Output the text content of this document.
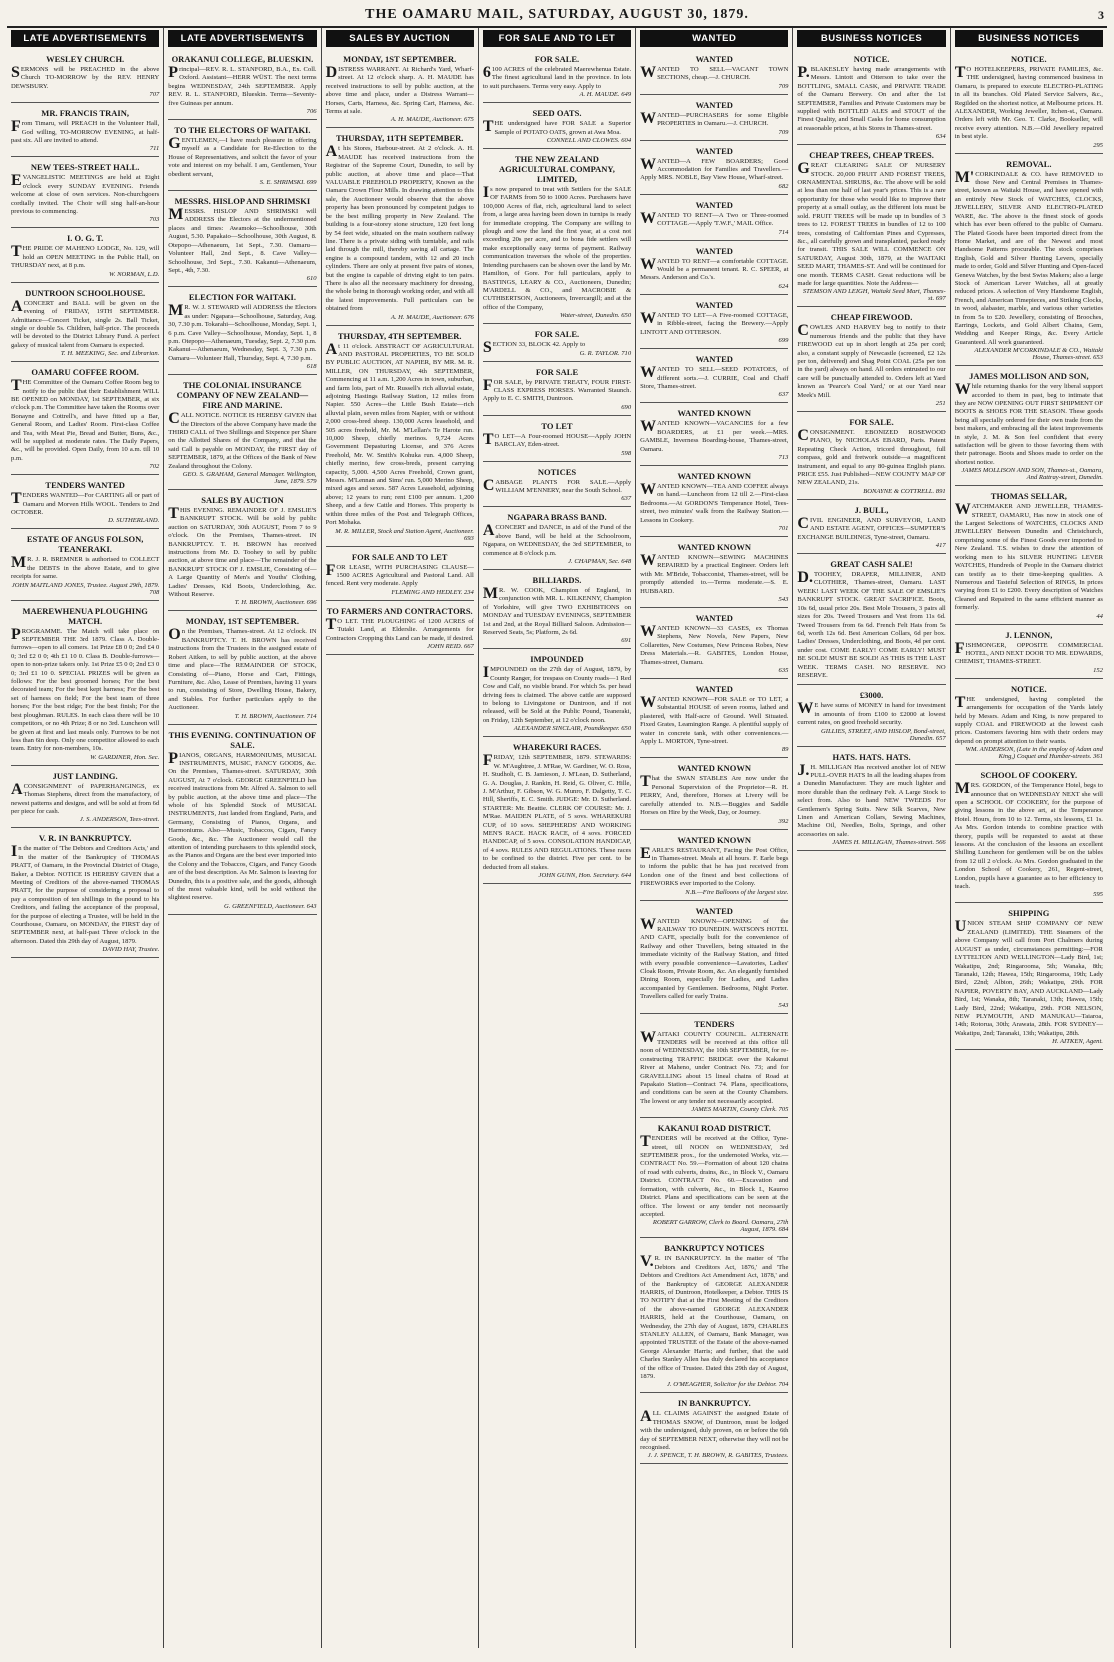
THE OAMARU MAIL, SATURDAY, AUGUST 30, 1879.	3
LATE ADVERTISEMENTS
WESLEY CHURCH.
SERMONS will be PREACHED in the above Church TO-MORROW by the REV. HENRY DEWSBURY.
707
MR. FRANCIS TRAIN,
From Timaru, will PREACH in the Volunteer Hall, God willing, TO-MORROW EVENING, at half-past six. All are invited to attend.
711
NEW TEES-STREET HALL.
EVANGELISTIC MEETINGS are held at Eight o'clock every SUNDAY EVENING. Friends welcome at close of own services. Non-churchgoers cordially invited. The Choir will sing half-an-hour previous to commencing.
703
I. O. G. T.
THE PRIDE OF MAHENO LODGE, No. 129, will hold an OPEN MEETING in the Public Hall, on THURSDAY next, at 8 p.m.
W. NORMAN, L.D.
DUNTROON SCHOOLHOUSE.
ACONCERT and BALL will be given on the evening of FRIDAY, 19TH SEPTEMBER. Admittance—Concert Ticket, single 2s. Ball Ticket, single or double 5s. Children, half-price. The proceeds will be devoted to the District Library Fund. A perfect galaxy of musical talent from Oamaru is expected.
T. H. MEEKING, Sec. and Librarian.
OAMARU COFFEE ROOM.
THE Committee of the Oamaru Coffee Room beg to notify to the public that their Establishment WILL BE OPENED on MONDAY, 1st SEPTEMBER, at six o'clock p.m. The Committee have taken the Rooms over Bonayne and Cottrell's, and have fitted up a Bar, General Room, and Ladies' Room. First-class Coffee and Tea, with Meat Pie, Bread and Butter, Buns, &c., will be supplied at moderate rates. The Daily Papers, &c., will be provided. Open Daily, from 10 a.m. till 10 p.m.
702
TENDERS WANTED
TENDERS WANTED—For CARTING all or part of Oamaru and Morven Hills WOOL. Tenders to 2nd OCTOBER.
D. SUTHERLAND.
ESTATE OF ANGUS FOLSON, TEANERAKI.
MR. J. R. BREMNER is authorised to COLLECT the DEBTS in the above Estate, and to give receipts for same.
JOHN MAITLAND JONES, Trustee. August 29th, 1879. 708
MAEREWHENUA PLOUGHING MATCH.
PROGRAMME. The Match will take place on SEPTEMBER THE 3rd 1879. Class A. Double-furrows—open to all comers. 1st Prize £8 0 0; 2nd £4 0 0; 3rd £2 0 0; 4th £1 10 0. Class B. Double-furrows—open to non-prize takers only. 1st Prize £5 0 0; 2nd £3 0 0; 3rd £1 10 0. SPECIAL PRIZES will be given as follows: For the best groomed horses; For the best decorated team; For the best kept harness; For the best set of harness on field; For the best team of three horses; For the best ridge; For the best finish; For the best ploughman. RULES. In each class there will be 10 competitors, or no 4th Prize; 8 or no 3rd. Luncheon will be given at first and last meals only. Furrows to be not less than 6in deep. Only one competitor allowed to each team. Entry for non-members, 10s.
W. GARDINER, Hon. Sec.
JUST LANDING.
ACONSIGNMENT of PAPERHANGINGS, ex Thomas Stephens, direct from the manufactory, of newest patterns and designs, and will be sold at from 6d per piece for cash.
J. S. ANDERSON, Tees-street.
V. R. IN BANKRUPTCY.
In the matter of 'The Debtors and Creditors Acts,' and in the matter of the Bankruptcy of THOMAS PRATT, of Oamaru, in the Provincial District of Otago, Baker, a Debtor. NOTICE IS HEREBY GIVEN that a Meeting of Creditors of the above-named THOMAS PRATT, for the purpose of considering a proposal to pay a composition of ten shillings in the pound to his Creditors, and failing the acceptance of the proposal, for the purpose of electing a Trustee, will be held in the Courthouse, Oamaru, on MONDAY, the FIRST day of SEPTEMBER next, at half-past Three o'clock in the afternoon. Dated this 29th day of August, 1879.
DAVID HAY, Trustee.
LATE ADVERTISEMENTS
ORAKANUI COLLEGE, BLUESKIN.
Principal—REV. R. L. STANFORD, B.A., Ex. Coll. Oxford. Assistant—HERR WÜST. The next terms begins WEDNESDAY, 24th SEPTEMBER. Apply REV. R. L. STANFORD, Blueskin. Terms—Seventy-five Guineas per annum.
706
TO THE ELECTORS OF WAITAKI.
GENTLEMEN,—I have much pleasure in offering myself as a Candidate for Re-Election to the House of Representatives, and solicit the favor of your vote and interest on my behalf. I am, Gentlemen, Your obedient servant,
S. E. SHRIMSKI. 699
MESSRS. HISLOP AND SHRIMSKI
MESSRS. HISLOP AND SHRIMSKI will ADDRESS the Electors at the undermentioned places and times: Awamoko—Schoolhouse, 30th August, 5.30. Papakaio—Schoolhouse, 30th August, 8. Otepopo—Athenaeum, 1st Sept., 7.30. Oamaru—Volunteer Hall, 2nd Sept., 8. Cave Valley—Schoolhouse, 3rd Sept., 7.30. Kakanui—Athenaeum, Sept., 4th, 7.30.
610
ELECTION FOR WAITAKI.
MR. W. J. STEWARD will ADDRESS the Electors as under: Ngapara—Schoolhouse, Saturday, Aug. 30, 7.30 p.m. Tokarahi—Schoolhouse, Monday, Sept. 1, 6 p.m. Cave Valley—Schoolhouse, Monday, Sept. 1, 8 p.m. Otepopo—Athenaeum, Tuesday, Sept. 2, 7.30 p.m. Kakanui—Athenaeum, Wednesday, Sept. 3, 7.30 p.m. Oamaru—Volunteer Hall, Thursday, Sept. 4, 7.30 p.m.
618
THE COLONIAL INSURANCE COMPANY OF NEW ZEALAND—FIRE AND MARINE.
CALL NOTICE. NOTICE IS HEREBY GIVEN that the Directors of the above Company have made the THIRD CALL of Two Shillings and Sixpence per Share on the Allotted Shares of the Company, and that the said Call is payable on MONDAY, the FIRST day of SEPTEMBER, 1879, at the Offices of the Bank of New Zealand throughout the Colony.
GEO. S. GRAHAM, General Manager. Wellington, June, 1879. 579
SALES BY AUCTION
THIS EVENING. REMAINDER OF J. EMSLIE'S BANKRUPT STOCK. Will be sold by public auction on SATURDAY, 30th AUGUST, From 7 to 9 o'clock. On the Premises, Thames-street. IN BANKRUPTCY. T. H. BROWN has received instructions from Mr. D. Toohey to sell by public auction, at above time and place—The remainder of the BANKRUPT STOCK OF J. EMSLIE, Consisting of—A Large Quantity of Men's and Youths' Clothing, Ladies' Dresses, Kid Boots, Underclothing, &c. Without Reserve.
T. H. BROWN, Auctioneer. 696
MONDAY, 1ST SEPTEMBER.
On the Premises, Thames-street. At 12 o'clock. IN BANKRUPTCY. T. H. BROWN has received instructions from the Trustees in the assigned estate of Robert Aitken, to sell by public auction, at the above time and place—The REMAINDER OF STOCK, Consisting of—Piano, Horse and Cart, Fittings, Furniture, &c. Also, Lease of Premises, having 11 years to run, consisting of Store, Dwelling House, Bakery, and Stables. For further particulars apply to the Auctioneer.
T. H. BROWN, Auctioneer. 714
THIS EVENING. CONTINUATION OF SALE.
PIANOS, ORGANS, HARMONIUMS, MUSICAL INSTRUMENTS, MUSIC, FANCY GOODS, &c. On the Premises, Thames-street. SATURDAY, 30th AUGUST, At 7 o'clock. GEORGE GREENFIELD has received instructions from Mr. Alfred A. Salmon to sell by public auction, at the above time and place—The whole of his Splendid Stock of MUSICAL INSTRUMENTS, Just landed from England, Paris, and Germany, Consisting of Pianos, Organs, and Harmoniums. Also—Music, Tobaccos, Cigars, Fancy Goods, &c., &c. The Auctioneer would call the attention of intending purchasers to this splendid stock, as the Pianos and Organs are the best ever imported into the Colony and the Tobaccos, Cigars, and Fancy Goods are of the best description. As Mr. Salmon is leaving for Dunedin, this is a positive sale, and the goods, although of the most valuable kind, will be sold without the slightest reserve.
G. GREENFIELD, Auctioneer. 643
SALES BY AUCTION
MONDAY, 1ST SEPTEMBER.
DISTRESS WARRANT. At Richard's Yard, Wharf-street. At 12 o'clock sharp. A. H. MAUDE has received instructions to sell by public auction, at the above time and place, under a Distress Warrant—Horses, Carts, Harness, &c. Spring Cart, Harness, &c. Terms at sale.
A. H. MAUDE, Auctioneer. 675
THURSDAY, 11TH SEPTEMBER.
At his Stores, Harbour-street. At 2 o'clock. A. H. MAUDE has received instructions from the Registrar of the Supreme Court, Dunedin, to sell by public auction, at above time and place—That VALUABLE FREEHOLD PROPERTY, Known as the Oamaru Crown Flour Mills. In drawing attention to this sale, the Auctioneer would observe that the above property has been pronounced by competent judges to be the best milling property in New Zealand. The building is a four-storey stone structure, 120 feet long by 54 feet wide, situated on the main southern railway line. There is a private siding with turntable, and rails laid through the mill, thereby saving all cartage. The engine is a compound tandem, with 12 and 20 inch cylinders. There are only at present five pairs of stones, but the engine is capable of driving eight to ten pairs. There is also all the necessary machinery for dressing, the whole being in thorough working order, and with all the latest improvements. Full particulars can be obtained from
A. H. MAUDE, Auctioneer. 676
THURSDAY, 4TH SEPTEMBER.
At 11 o'clock. ABSTRACT OF AGRICULTURAL AND PASTORAL PROPERTIES, TO BE SOLD BY PUBLIC AUCTION, AT NAPIER, BY MR. M. R. MILLER, ON THURSDAY, 4th SEPTEMBER, Commencing at 11 a.m. 1,200 Acres in town, suburban, and farm lots, part of Mr. Russell's rich alluvial estate, adjoining Hastings Railway Station, 12 miles from Napier. 550 Acres—the Little Bush Estate—rich alluvial plain, seven miles from Napier, with or without 2,000 cross-bred sheep. 130,000 Acres leasehold, and 505 acres freehold, Mr. M. M'Lellan's Te Harote run. 10,000 Sheep, chiefly merinos. 9,724 Acres Government Depasturing License, and 376 Acres Freehold, Mr. W. Smith's Kohuka run. 4,000 Sheep, chiefly merino, few cross-breds, present carrying capacity, 5,000. 4,500 Acres Freehold, Crown grant, Messrs. M'Lennan and Sims' run. 5,000 Merino Sheep, mixed ages and sexes. 587 Acres Leasehold, adjoining above; 12 years to run; rent £100 per annum. 1,200 Sheep, and a few Cattle and Horses. This property is within three miles of the Post and Telegraph Offices, Port Mohaka.
M. R. MILLER, Stock and Station Agent, Auctioneer. 693
FOR SALE AND TO LET
FOR LEASE, WITH PURCHASING CLAUSE—1500 ACRES Agricultural and Pastoral Land. All fenced. Rent very moderate. Apply
FLEMING AND HEDLEY. 234
TO FARMERS AND CONTRACTORS.
TO LET. THE PLOUGHING of 1200 ACRES of Tutaki Land, at Elderslie. Arrangements for Contractors Cropping this Land can be made, if desired.
JOHN REID. 667
FOR SALE AND TO LET
FOR SALE.
6100 ACRES of the celebrated Maerewhenua Estate. The finest agricultural land in the province. In lots to suit purchasers. Terms very easy. Apply to
A. H. MAUDE. 649
SEED OATS.
THE undersigned have FOR SALE a Superior Sample of POTATO OATS, grown at Awa Moa.
CONNELL AND CLOWES. 604
THE NEW ZEALAND AGRICULTURAL COMPANY, LIMITED,
Is now prepared to treat with Settlers for the SALE OF FARMS from 50 to 1000 Acres. Purchasers have 100,000 Acres of flat, rich, agricultural land to select from, a large area having been down in turnips is ready for immediate cropping. The Company are willing to plough and sow the land the first year, at a cost not exceeding 20s per acre, and to bona fide settlers will make exceptionally easy terms of payment. Railway communication traverses the whole of the properties. Intending purchasers can be shown over the land by Mr. Hamilton, of Gore. For full particulars, apply to BASTINGS, LEARY & CO., Auctioneers, Dunedin; M'ARDELL & CO., and MACROBIE & CUTHBERTSON, Auctioneers, Invercargill; and at the office of the Company,
Water-street, Dunedin. 650
FOR SALE.
SECTION 33, BLOCK 42. Apply to
G. R. TAYLOR. 710
FOR SALE
FOR SALE, by PRIVATE TREATY, FOUR FIRST-CLASS EXPRESS HORSES. Warranted Staunch. Apply to E. C. SMITH, Duntroon.
690
TO LET
TO LET—A Four-roomed HOUSE—Apply JOHN BARCLAY, Eden-street.
598
NOTICES
CABBAGE PLANTS FOR SALE.—Apply WILLIAM M'ENNERY, near the South School.
637
NGAPARA BRASS BAND.
ACONCERT and DANCE, in aid of the Fund of the above Band, will be held at the Schoolroom, Ngapara, on WEDNESDAY, the 3rd SEPTEMBER, to commence at 8 o'clock p.m.
J. CHAPMAN, Sec. 648
BILLIARDS.
MR. W. COOK, Champion of England, in conjunction with MR. L. KILKENNY, Champion of Yorkshire, will give TWO EXHIBITIONS on MONDAY and TUESDAY EVENINGS, SEPTEMBER 1st and 2nd, at the Royal Billiard Saloon. Admission—Reserved Seats, 5s; Platform, 2s 6d.
691
IMPOUNDED
IMPOUNDED on the 27th day of August, 1879, by County Ranger, for trespass on County roads—1 Red Cow and Calf, no visible brand. For which 5s. per head driving fees is claimed. The above cattle are supposed to belong to Livingstone or Duntroon, and if not released, will be Sold at the Public Pound, Teaneraki, on Friday, 12th September, at 12 o'clock noon.
ALEXANDER SINCLAIR, Poundkeeper. 650
WHAREKURI RACES.
FRIDAY, 12th SEPTEMBER, 1879. STEWARDS: W. M'Aughtree, J. M'Rae, W. Gardiner, W. O. Ross, H. Studholt, C. B. Jamieson, J. M'Lean, D. Sutherland, G. A. Douglas, J. Rankin, H. Reid, G. Oliver, C. Hille, J. M'Arthur, F. Gibson, W. G. Munro, F. Dalgetty, T. C. Hill, Sheriffs, E. C. Smith. JUDGE: Mr. D. Sutherland. STARTER: Mr. Beattie. CLERK OF COURSE: Mr. J. M'Rae. MAIDEN PLATE, of 5 sovs. WHAREKURI CUP, of 10 sovs. SHEPHERDS' AND WORKING MEN'S RACE. HACK RACE, of 4 sovs. FORCED HANDICAP, of 5 sovs. CONSOLATION HANDICAP, of 4 sovs. RULES AND REGULATIONS. These races to be confined to the district. Five per cent. to be deducted from all stakes.
JOHN GUNN, Hon. Secretary. 644
WANTED
WANTED
WANTED TO SELL—VACANT TOWN SECTIONS, cheap.—J. CHURCH.
709
WANTED
WANTED—PURCHASERS for some Eligible PROPERTIES in Oamaru.—J. CHURCH.
709
WANTED
WANTED—A FEW BOARDERS; Good Accommodation for Families and Travellers.—Apply MRS. NOBLE, Bay View House, Wharf-street.
682
WANTED
WANTED TO RENT—A Two or Three-roomed COTTAGE.—Apply 'T.W.F.,' MAIL Office.
714
WANTED
WANTED TO RENT—a comfortable COTTAGE. Would be a permanent tenant. R. C. SPEER, at Messrs. Anderson and Co.'s.
624
WANTED
WANTED TO LET—A Five-roomed COTTAGE, in Ribble-street, facing the Brewery.—Apply LINTOTT AND OTTERSON.
699
WANTED
WANTED TO SELL—SEED POTATOES, of different sorts.—J. CURRIE, Coal and Chaff Store, Thames-street.
637
WANTED KNOWN
WANTED KNOWN—VACANCIES for a few BOARDERS, at £1 per week.—MRS. GAMBLE, Inverness Boarding-house, Thames-street, Oamaru.
713
WANTED KNOWN
WANTED KNOWN—TEA AND COFFEE always on hand.—Luncheon from 12 till 2.—First-class Bedrooms.—At GORDON'S Temperance Hotel, Tees-street, two minutes' walk from the Railway Station.—Lessons in Cookery.
701
WANTED KNOWN
WANTED KNOWN—SEWING MACHINES REPAIRED by a practical Engineer. Orders left with Mr. M'Bride, Tobacconist, Thames-street, will be promptly attended to.—Terms moderate.—S. E. HUBBARD.
543
WANTED
WANTED KNOWN—33 CASES, ex Thomas Stephens, New Novels, New Papers, New Collarettes, New Costumes, New Princess Robes, New Dress Materials.—R. GABITES, London House, Thames-street, Oamaru.
635
WANTED
WANTED KNOWN—FOR SALE or TO LET, a Substantial HOUSE of seven rooms, lathed and plastered, with Half-acre of Ground. Well Situated. Fixed Grates, Leamington Range. A plentiful supply of water in concrete tank, with other conveniences.—Apply L. MORTON, Tyne-street.
89
WANTED KNOWN
That the SWAN STABLES Are now under the Personal Supervision of the Proprietor—R. H. PERRY, And, therefore, Horses at Livery will be carefully attended to. N.B.—Buggies and Saddle Horses on Hire by the Week, Day, or Journey.
392
WANTED KNOWN
EARLE'S RESTAURANT, Facing the Post Office, in Thames-street. Meals at all hours. F. Earle begs to inform the public that he has just received from London one of the finest and best collections of FIREWORKS ever imported to the Colony.
N.B.—Fire Balloons of the largest size.
WANTED
WANTED KNOWN—OPENING of the RAILWAY TO DUNEDIN. WATSON'S HOTEL AND CAFE, specially built for the convenience of Railway and other Travellers, being situated in the immediate vicinity of the Railway Station, and fitted with every possible convenience—Lavatories, Ladies' Cloak Room, Private Room, &c. An elegantly furnished Dining Room, especially for Ladies, and Ladies accompanied by Gentlemen. Bedrooms, Night Porter. Travellers called for early Trains.
543
TENDERS
WAITAKI COUNTY COUNCIL. ALTERNATE TENDERS will be received at this office till noon of WEDNESDAY, the 10th SEPTEMBER, for re-constructing TRAFFIC BRIDGE over the Kakanui River at Maheno, under Contract No. 73; and for GRAVELLING about 15 lineal chains of Road at Papakaio Station—Contract 74. Plans, specifications, and conditions can be seen at the County Chambers. The lowest or any tender not necessarily accepted.
JAMES MARTIN, County Clerk. 705
KAKANUI ROAD DISTRICT.
TENDERS will be received at the Office, Tyne-street, till NOON on WEDNESDAY, 3rd SEPTEMBER prox., for the undernoted Works, viz.—CONTRACT No. 59.—Formation of about 120 chains of road with culverts, drains, &c., in Block V., Oamaru District. CONTRACT No. 60.—Excavation and formation, with culverts, &c., in Block I., Kauroo District. Plans and specifications can be seen at the office. The lowest or any tender not necessarily accepted.
ROBERT GARROW, Clerk to Board. Oamaru, 27th August, 1879. 684
BANKRUPTCY NOTICES
V.R. IN BANKRUPTCY. In the matter of 'The Debtors and Creditors Act, 1876,' and 'The Debtors and Creditors Act Amendment Act, 1878,' and of the Bankruptcy of GEORGE ALEXANDER HARRIS, of Duntroon, Hotelkeeper, a Debtor. THIS IS TO NOTIFY that at the First Meeting of the Creditors of the above-named GEORGE ALEXANDER HARRIS, held at the Courthouse, Oamaru, on Wednesday, the 27th day of August, 1879, CHARLES STANLEY ALLEN, of Oamaru, Bank Manager, was appointed TRUSTEE of the Estate of the above-named George Alexander Harris; and further, that the said Charles Stanley Allen has duly declared his acceptance of the office of Trustee. Dated this 29th day of August, 1879.
J. O'MEAGHER, Solicitor for the Debtor. 704
IN BANKRUPTCY.
ALL CLAIMS AGAINST the assigned Estate of THOMAS SNOW, of Duntroon, must be lodged with the undersigned, duly proven, on or before the 6th day of SEPTEMBER NEXT, otherwise they will not be recognised.
J. J. SPENCE, T. H. BROWN, R. GABITES, Trustees.
BUSINESS NOTICES
NOTICE.
P.BLAKESLEY having made arrangements with Messrs. Lintott and Otterson to take over the BOTTLING, SMALL CASK, and PRIVATE TRADE of the Oamaru Brewery. On and after the 1st SEPTEMBER, Families and Private Customers may be supplied with BOTTLED ALES and STOUT of the Finest Quality, and Small Casks for home consumption at reasonable prices, at his Stores in Thames-street.
634
CHEAP TREES, CHEAP TREES.
GREAT CLEARING SALE OF NURSERY STOCK. 20,000 FRUIT AND FOREST TREES, ORNAMENTAL SHRUBS, &c. The above will be sold at less than one half of last year's prices. This is a rare opportunity for those who would like to improve their property at a small outlay, as the different lots must be sold. FRUIT TREES will be made up in bundles of 3 trees to 12. FOREST TREES in bundles of 12 to 100 trees, consisting of Californian Pines and Cypresses, &c., all carefully grown and transplanted, packed ready for transit. THIS SALE WILL COMMENCE ON SATURDAY, August 30th, 1879, at the WAITAKI SEED MART, THAMES-ST. And will be continued for one month. TERMS CASH. Great reductions will be made for large quantities. Note the Address—
STEMSON AND LEIGH, Waitaki Seed Mart, Thames-st. 697
CHEAP FIREWOOD.
COWLES AND HARVEY beg to notify to their numerous friends and the public that they have FIREWOOD cut up in short length at 25s per cord; also, a constant supply of Newcastle (screened, £2 12s per ton, delivered) and Shag Point COAL (25s per ton in the yard) always on hand. All orders entrusted to our care will be punctually attended to. Orders left at Yard known as 'Pearce's Coal Yard,' or at our Yard near Meek's Mill.
251
FOR SALE.
CONSIGNMENT. EBONIZED ROSEWOOD PIANO, by NICHOLAS EBARD, Paris. Patent Repeating Check Action, tricord throughout, full compass, gold and fretwork outside—a magnificent instrument, and equal to any 80-guinea English piano. PRICE £55. Just Published—NEW COUNTY MAP OF NEW ZEALAND, 21s.
BONAYNE & COTTRELL. 891
J. BULL,
CIVIL ENGINEER, AND SURVEYOR, LAND AND ESTATE AGENT, OFFICES—SUMPTER'S EXCHANGE BUILDINGS, Tyne-street, Oamaru.
417
GREAT CASH SALE!
D.TOOHEY, DRAPER, MILLINER, AND CLOTHIER, Thames-street, Oamaru. LAST WEEK! LAST WEEK OF THE SALE OF EMSLIE'S BANKRUPT STOCK. GREAT SACRIFICE. Boots, 10s 6d, usual price 20s. Best Mole Trousers, 3 pairs all sizes for 20s. Tweed Trousers and Vest from 11s 6d. Tweed Trousers from 6s 6d. French Felt Hats from 5s 6d, worth 12s 6d. Best American Collars, 6d per box. Ladies' Dresses, Underclothing, and Boots, 4d per cent. under cost. COME EARLY! COME EARLY! MUST BE SOLD! MUST BE SOLD! AS THIS IS THE LAST WEEK. TERMS CASH. NO RESERVE. NO RESERVE.
£3000.
WE have sums of MONEY in hand for investment in amounts of from £100 to £2000 at lowest current rates, on good freehold security.
GILLIES, STREET, AND HISLOP, Bond-street, Dunedin. 657
HATS. HATS. HATS.
J.H. MILLIGAN Has received another lot of NEW PULL-OVER HATS In all the leading shapes from a Dunedin Manufacturer. They are much lighter and more durable than the ordinary Felt. A Large Stock to select from. Also to hand NEW TWEEDS For Gentlemen's Spring Suits. New Silk Scarves, New Linen and American Collars, Sewing Machines, Machine Oil, Needles, Bolts, Springs, and other accessories on sale.
JAMES H. MILLIGAN, Thames-street. 566
BUSINESS NOTICES
NOTICE.
TO HOTELKEEPERS, PRIVATE FAMILIES, &c. THE undersigned, having commenced business in Oamaru, is prepared to execute ELECTRO-PLATING in all its branches. Old Plated Service Salvers, &c., Regilded on the shortest notice, at Melbourne prices. H. ALEXANDER, Working Jeweller, Itchen-st., Oamaru. Orders left with Mr. Geo. T. Clarke, Bookseller, will receive every attention. N.B.—Old Jewellery repaired in best style.
295
REMOVAL.
M'CORKINDALE & CO. have REMOVED to those New and Central Premises in Thames-street, known as Waitaki House, and have opened with an entirely New Stock of WATCHES, CLOCKS, JEWELLERY, SILVER AND ELECTRO-PLATED WARE, &c. The above is the finest stock of goods which has ever been offered to the public of Oamaru. The Plated Goods have been imported direct from the Home Market, and are of the Newest and most Handsome Patterns procurable. The stock comprises English, Gold and Silver Hunting Levers, specially made to order, Gold and Silver Hunting and Open-faced Geneva Watches, by the best Swiss Makers; also a large Stock of American Lever Watches, all at greatly reduced prices. A selection of Very Handsome English, French, and American Timepieces, and Striking Clocks, in wood, alabaster, marble, and various other varieties in from 5s to £20. Jewellery, consisting of Brooches, Earrings, Lockets, and Gold Albert Chains, Gem, Wedding and Keeper Rings, &c. Every Article Guaranteed. All work guaranteed.
ALEXANDER M'CORKINDALE & CO., Waitaki House, Thames-street. 653
JAMES MOLLISON AND SON,
While returning thanks for the very liberal support accorded to them in past, beg to intimate that they are NOW OPENING OUT FIRST SHIPMENT OF BOOTS & SHOES FOR THE SEASON. These goods being all specially ordered for their own trade from the best makers, and embracing all the latest improvements in style, J. M. & Son feel confident that every satisfaction will be given to those favoring them with their patronage. Boots and Shoes made to order on the shortest notice.
JAMES MOLLISON AND SON, Thames-st., Oamaru, And Rattray-street, Dunedin.
THOMAS SELLAR,
WATCHMAKER AND JEWELLER, THAMES-STREET, OAMARU, Has now in stock one of the Largest Selections of WATCHES, CLOCKS AND JEWELLERY Between Dunedin and Christchurch, comprising some of the Finest Goods ever imported to New Zealand. T.S. wishes to draw the attention of working men to his SILVER HUNTING LEVER WATCHES, Hundreds of People in the Oamaru district can testify as to their time-keeping qualities. A Numerous and Tasteful Selection of RINGS, In prices varying from £1 to £200. Every description of Watches Cleaned and Repaired in the same efficient manner as formerly.
44
J. LENNON,
FISHMONGER, OPPOSITE COMMERCIAL HOTEL, AND NEXT DOOR TO MR. EDWARDS, CHEMIST, THAMES-STREET.
152
NOTICE.
THE undersigned, having completed the arrangements for occupation of the Yards lately held by Messrs. Adam and King, is now prepared to supply COAL and FIREWOOD at the lowest cash prices. Customers favoring him with their orders may depend on prompt attention to their wants.
WM. ANDERSON, (Late in the employ of Adam and King,) Coquet and Humber-streets. 361
SCHOOL OF COOKERY.
MRS. GORDON, of the Temperance Hotel, begs to announce that on WEDNESDAY NEXT she will open a SCHOOL OF COOKERY, for the purpose of giving lessons in the above art, at the Temperance Hotel. Hours, from 10 to 12. Terms, six lessons, £1 1s. As Mrs. Gordon intends to combine practice with theory, pupils will be requested to assist at these lessons. At the conclusion of the lessons an excellent Shilling Luncheon for gentlemen will be on the tables from 12 till 2 o'clock. As Mrs. Gordon graduated in the London School of Cookery, 261, Regent-street, London, pupils have a guarantee as to her efficiency to teach.
595
SHIPPING
UNION STEAM SHIP COMPANY OF NEW ZEALAND (LIMITED). THE Steamers of the above Company will call from Port Chalmers during AUGUST as under, circumstances permitting:—FOR LYTTELTON AND WELLINGTON—Lady Bird, 1st; Wakatipu, 2nd; Ringarooma, 5th; Wanaka, 8th; Taranaki, 12th; Hawea, 15th; Ringarooma, 19th; Lady Bird, 22nd; Albion, 26th; Wakatipu, 29th. FOR NAPIER, POVERTY BAY, AND AUCKLAND—Lady Bird, 1st; Wanaka, 8th; Taranaki, 13th; Hawea, 15th; Lady Bird, 22nd; Wakatipu, 29th. FOR NELSON, NEW PLYMOUTH, AND MANUKAU—Taiaroa, 14th; Rotorua, 30th; Arawata, 28th. FOR SYDNEY—Wakatipu, 2nd; Taranaki, 13th; Wakatipu, 28th.
H. AITKEN, Agent.
